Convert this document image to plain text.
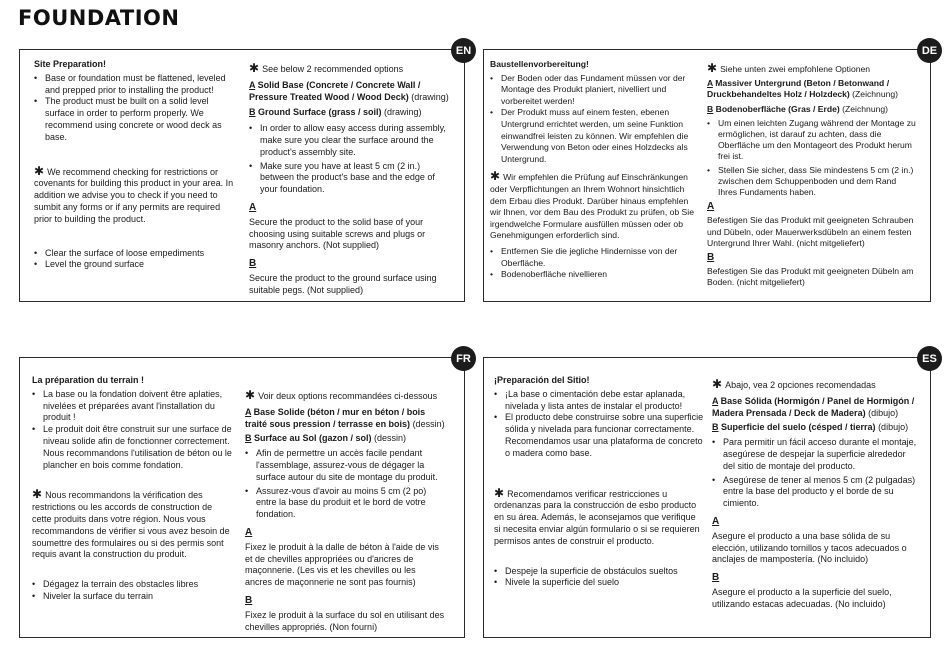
FOUNDATION
EN

Site Preparation!

• Base or foundation must be flattened, leveled and prepped prior to installing the product!

• The product must be built on a solid level surface in order to perform properly. We recommend using concrete or wood deck as base.

✱ We recommend checking for restrictions or covenants for building this product in your area. In addition we advise you to check if you need to sumbit any forms or if any permits are required prior to building the product.

• Clear the surface of loose empediments

• Level the ground surface

✱ See below 2 recommended options

A Solid Base (Concrete / Concrete Wall / Pressure Treated Wood / Wood Deck) (drawing)

B Ground Surface (grass / soil) (drawing)

• In order to allow easy access during assembly, make sure you clear the surface around the product's assembly site.

• Make sure you have at least 5 cm (2 in.) between the product's base and the edge of your foundation.

A

Secure the product to the solid base of your choosing using suitable screws and plugs or masonry anchors. (Not supplied)

B

Secure the product to the ground surface using suitable pegs. (Not supplied)

DE

Baustellenvorbereitung!

• Der Boden oder das Fundament müssen vor der Montage des Produkt planiert, nivelliert und vorbereitet werden!

• Der Produkt muss auf einem festen, ebenen Untergrund errichtet werden, um seine Funktion einwandfrei leisten zu können. Wir empfehlen die Verwendung von Beton oder eines Holzdecks als Untergrund.

✱ Wir empfehlen die Prüfung auf Einschränkungen oder Verpflichtungen an Ihrem Wohnort hinsichtlich dem Erbau dies Produkt. Darüber hinaus empfehlen wir Ihnen, vor dem Bau des Produkt zu prüfen, ob Sie irgendwelche Formulare ausfüllen müssen oder ob Genehmigungen erforderlich sind.

• Entfernen Sie die jegliche Hindernisse von der Oberfläche.

• Bodenoberfläche nivellieren

✱ Siehe unten zwei empfohlene Optionen

A Massiver Untergrund (Beton / Betonwand / Druckbehandeltes Holz / Holzdeck) (Zeichnung)

B Bodenoberfläche (Gras / Erde) (Zeichnung)

• Um einen leichten Zugang während der Montage zu ermöglichen, ist darauf zu achten, dass die Oberfläche um den Montageort des Produkt herum frei ist.

• Stellen Sie sicher, dass Sie mindestens 5 cm (2 in.) zwischen dem Schuppenboden und dem Rand Ihres Fundaments haben.

A

Befestigen Sie das Produkt mit geeigneten Schrauben und Dübeln, oder Mauerwerksdübeln an einem festen Untergrund Ihrer Wahl. (nicht mitgeliefert)

B

Befestigen Sie das Produkt mit geeigneten Dübeln am Boden. (nicht mitgeliefert)

FR

La préparation du terrain !

• La base ou la fondation doivent être aplaties, nivelées et préparées avant l'installation du produit !

• Le produit doit être construit sur une surface de niveau solide afin de fonctionner correctement. Nous recommandons l'utilisation de béton ou le plancher en bois comme fondation.

✱ Nous recommandons la vérification des restrictions ou les accords de construction de cette produits dans votre région. Nous vous recommandons de vérifier si vous avez besoin de soumettre des formulaires ou si des permis sont requis avant la construction du produit.

• Dégagez la terrain des obstacles libres

• Niveler la surface du terrain

✱ Voir deux options recommandées ci-dessous

A Base Solide (béton / mur en béton / bois traité sous pression / terrasse en bois) (dessin)

B Surface au Sol (gazon / sol) (dessin)

• Afin de permettre un accès facile pendant l'assemblage, assurez-vous de dégager la surface autour du site de montage du produit.

• Assurez-vous d'avoir au moins 5 cm (2 po) entre la base du produit et le bord de votre fondation.

A

Fixez le produit à la dalle de béton à l'aide de vis et de chevilles appropriées ou d'ancres de maçonnerie. (Les vis et les chevilles ou les ancres de maçonnerie ne sont pas fournis)

B

Fixez le produit à la surface du sol en utilisant des chevilles appropriés. (Non fourni)

ES

¡Preparación del Sitio!

• ¡La base o cimentación debe estar aplanada, nivelada y lista antes de instalar el producto!

• El producto debe construirse sobre una superficie sólida y nivelada para funcionar correctamente. Recomendamos usar una plataforma de concreto o madera como base.

✱ Recomendamos verificar restricciones u ordenanzas para la construcción de esbo producto en su área. Además, le aconsejamos que verifique si necesita enviar algún formulario o si se requieren permisos antes de construir el producto.

• Despeje la superficie de obstáculos sueltos

• Nivele la superficie del suelo

✱ Abajo, vea 2 opciones recomendadas

A Base Sólida (Hormigón / Panel de Hormigón / Madera Prensada / Deck de Madera) (dibujo)

B Superficie del suelo (césped / tierra) (dibujo)

• Para permitir un fácil acceso durante el montaje, asegúrese de despejar la superficie alrededor del sitio de montaje del producto.

• Asegúrese de tener al menos 5 cm (2 pulgadas) entre la base del producto y el borde de su cimiento.

A

Asegure el producto a una base sólida de su elección, utilizando tornillos y tacos adecuados o anclajes de mampostería. (No incluido)

B

Asegure el producto a la superficie del suelo, utilizando estacas adecuadas. (No incluido)
